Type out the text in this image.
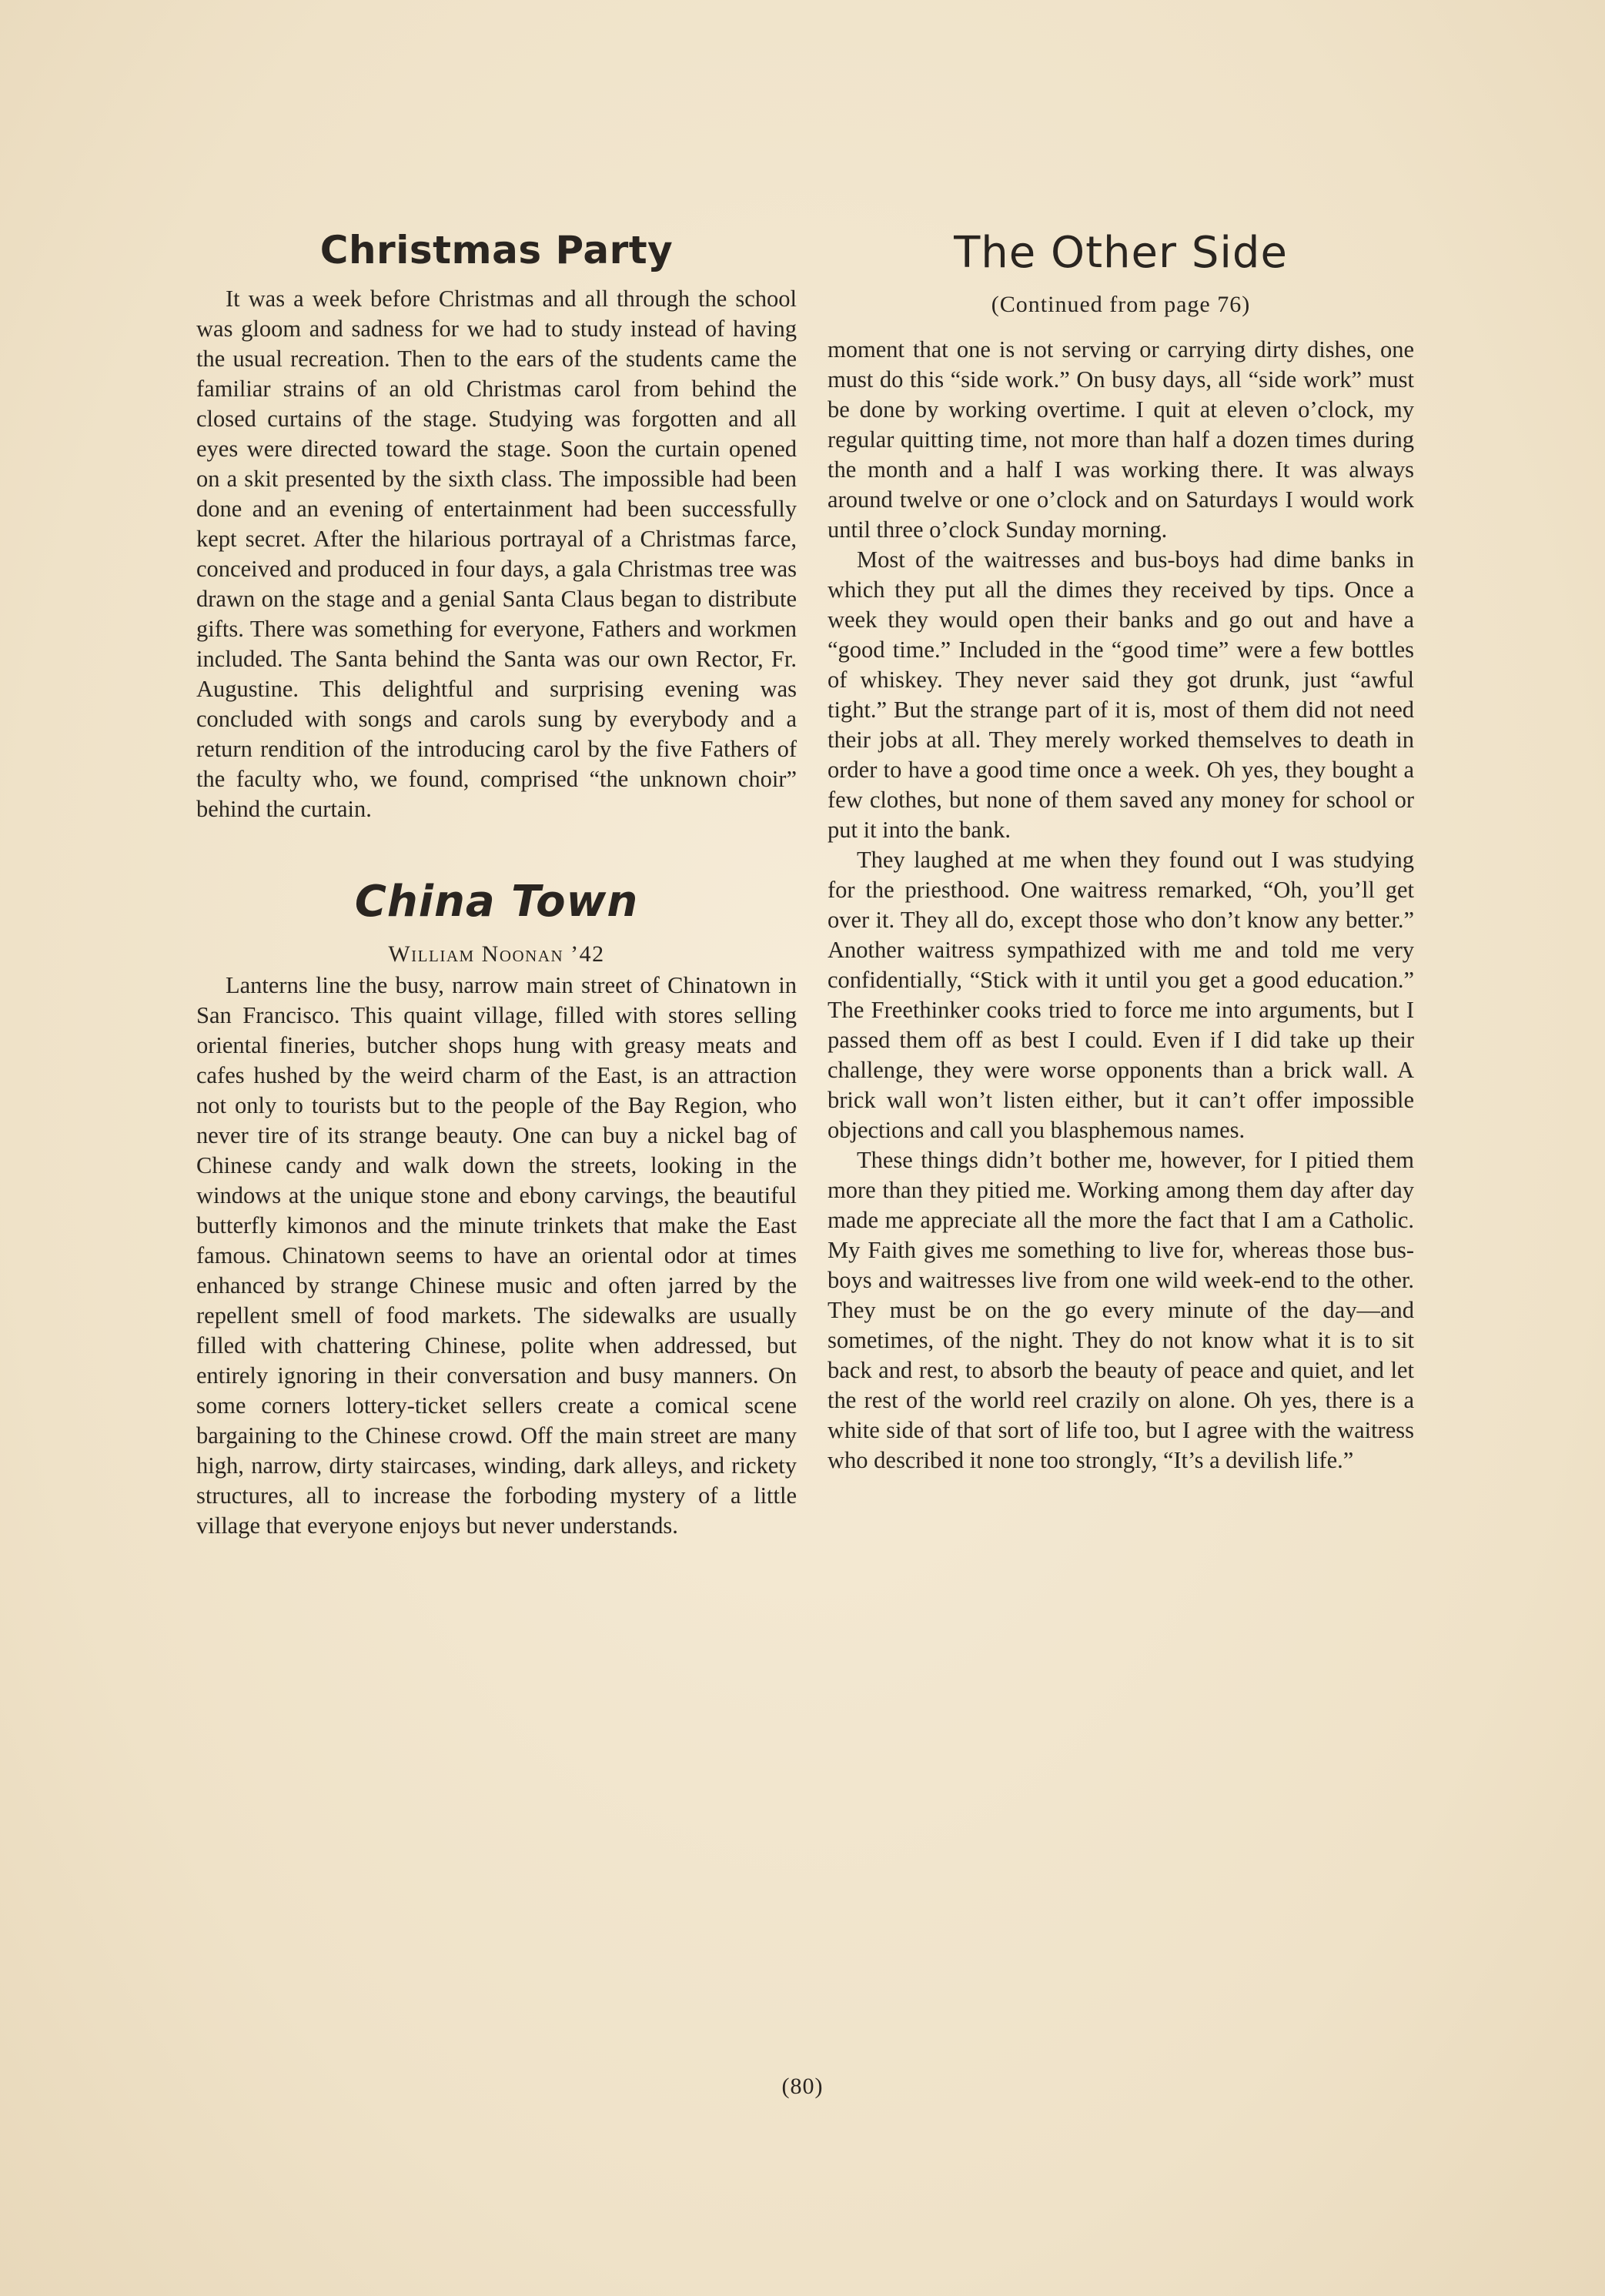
Christmas Party

It was a week before Christmas and all through the school was gloom and sadness for we had to study instead of having the usual recreation. Then to the ears of the students came the familiar strains of an old Christmas carol from behind the closed curtains of the stage. Studying was forgotten and all eyes were directed toward the stage. Soon the curtain opened on a skit presented by the sixth class. The impossible had been done and an evening of entertainment had been successfully kept secret. After the hilarious portrayal of a Christmas farce, conceived and produced in four days, a gala Christmas tree was drawn on the stage and a genial Santa Claus began to distribute gifts. There was something for everyone, Fathers and workmen included. The Santa behind the Santa was our own Rector, Fr. Augustine. This delightful and surprising evening was concluded with songs and carols sung by everybody and a return rendition of the introducing carol by the five Fathers of the faculty who, we found, comprised “the unknown choir” behind the curtain.

China Town
William Noonan ’42

Lanterns line the busy, narrow main street of Chinatown in San Francisco. This quaint village, filled with stores selling oriental fineries, butcher shops hung with greasy meats and cafes hushed by the weird charm of the East, is an attraction not only to tourists but to the people of the Bay Region, who never tire of its strange beauty. One can buy a nickel bag of Chinese candy and walk down the streets, looking in the windows at the unique stone and ebony carvings, the beautiful butterfly kimonos and the minute trinkets that make the East famous. Chinatown seems to have an oriental odor at times enhanced by strange Chinese music and often jarred by the repellent smell of food markets. The sidewalks are usually filled with chattering Chinese, polite when addressed, but entirely ignoring in their conversation and busy manners. On some corners lottery-ticket sellers create a comical scene bargaining to the Chinese crowd. Off the main street are many high, narrow, dirty staircases, winding, dark alleys, and rickety structures, all to increase the forboding mystery of a little village that everyone enjoys but never understands.

The Other Side
(Continued from page 76)

moment that one is not serving or carrying dirty dishes, one must do this “side work.” On busy days, all “side work” must be done by working overtime. I quit at eleven o’clock, my regular quitting time, not more than half a dozen times during the month and a half I was working there. It was always around twelve or one o’clock and on Saturdays I would work until three o’clock Sunday morning.

Most of the waitresses and bus-boys had dime banks in which they put all the dimes they received by tips. Once a week they would open their banks and go out and have a “good time.” Included in the “good time” were a few bottles of whiskey. They never said they got drunk, just “awful tight.” But the strange part of it is, most of them did not need their jobs at all. They merely worked themselves to death in order to have a good time once a week. Oh yes, they bought a few clothes, but none of them saved any money for school or put it into the bank.

They laughed at me when they found out I was studying for the priesthood. One waitress remarked, “Oh, you’ll get over it. They all do, except those who don’t know any better.” Another waitress sympathized with me and told me very confidentially, “Stick with it until you get a good education.” The Freethinker cooks tried to force me into arguments, but I passed them off as best I could. Even if I did take up their challenge, they were worse opponents than a brick wall. A brick wall won’t listen either, but it can’t offer impossible objections and call you blasphemous names.

These things didn’t bother me, however, for I pitied them more than they pitied me. Working among them day after day made me appreciate all the more the fact that I am a Catholic. My Faith gives me something to live for, whereas those bus-boys and waitresses live from one wild week-end to the other. They must be on the go every minute of the day—and sometimes, of the night. They do not know what it is to sit back and rest, to absorb the beauty of peace and quiet, and let the rest of the world reel crazily on alone. Oh yes, there is a white side of that sort of life too, but I agree with the waitress who described it none too strongly, “It’s a devilish life.”

(80)
